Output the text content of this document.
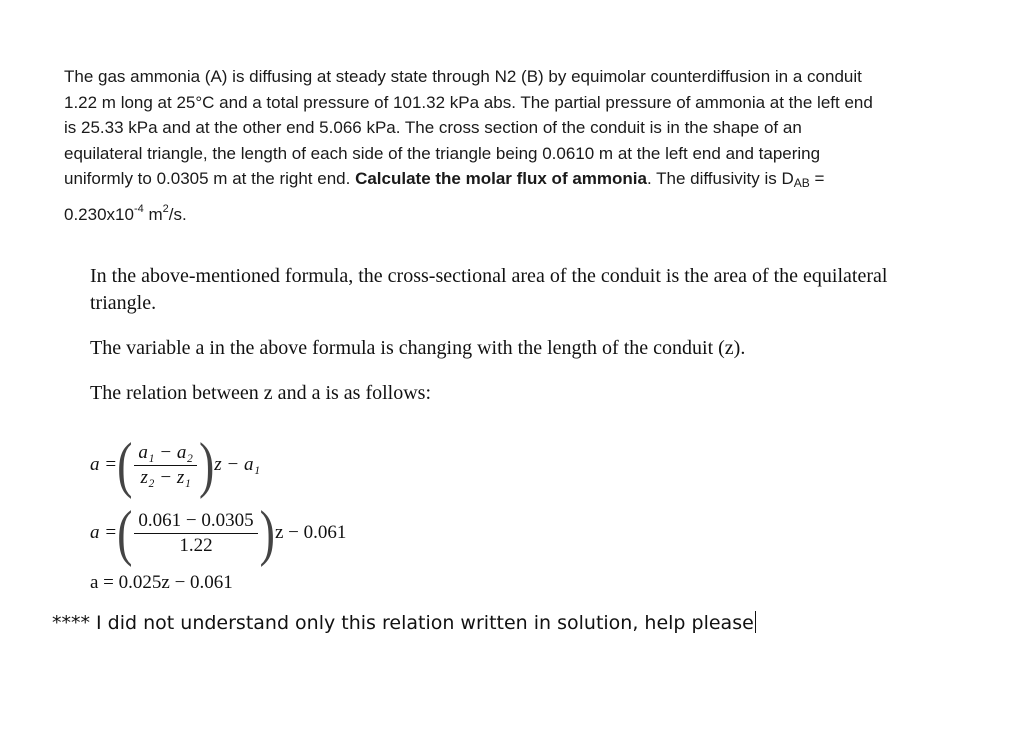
The gas ammonia (A) is diffusing at steady state through N2 (B) by equimolar counterdiffusion in a conduit
1.22 m long at 25°C and a total pressure of 101.32 kPa abs. The partial pressure of ammonia at the left end
is 25.33 kPa and at the other end 5.066 kPa. The cross section of the conduit is in the shape of an
equilateral triangle, the length of each side of the triangle being 0.0610 m at the left end and tapering
uniformly to 0.0305 m at the right end. Calculate the molar flux of ammonia. The diffusivity is $D_{AB}$ =
$0.230x10^{-4}$ $m^2/s$.

In the above-mentioned formula, the cross-sectional area of the conduit is the area of the equilateral triangle.

The variable a in the above formula is changing with the length of the conduit (z).

The relation between z and a is as follows:

a = ( $\frac{\text{a₁ − a₂}}{\text{z₂ − z₁}}$ ) z − a₁
a = ( $\frac{0.061 - 0.0305}{1.22}$ ) z − 0.061
a = 0.025z − 0.061
**** I did not understand only this relation written in solution, help please
